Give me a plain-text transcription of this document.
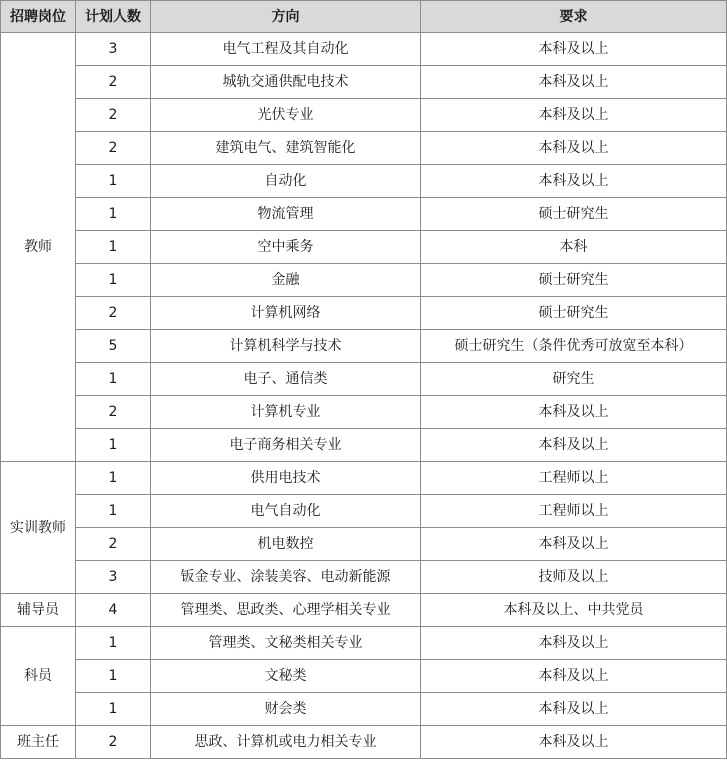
招聘岗位	计划人数	方向	要求
教师	3	电气工程及其自动化	本科及以上
	2	城轨交通供配电技术	本科及以上
	2	光伏专业	本科及以上
	2	建筑电气、建筑智能化	本科及以上
	1	自动化	本科及以上
	1	物流管理	硕士研究生
	1	空中乘务	本科
	1	金融	硕士研究生
	2	计算机网络	硕士研究生
	5	计算机科学与技术	硕士研究生（条件优秀可放宽至本科）
	1	电子、通信类	研究生
	2	计算机专业	本科及以上
	1	电子商务相关专业	本科及以上
实训教师	1	供用电技术	工程师以上
	1	电气自动化	工程师以上
	2	机电数控	本科及以上
	3	钣金专业、涂装美容、电动新能源	技师及以上
辅导员	4	管理类、思政类、心理学相关专业	本科及以上、中共党员
科员	1	管理类、文秘类相关专业	本科及以上
	1	文秘类	本科及以上
	1	财会类	本科及以上
班主任	2	思政、计算机或电力相关专业	本科及以上
